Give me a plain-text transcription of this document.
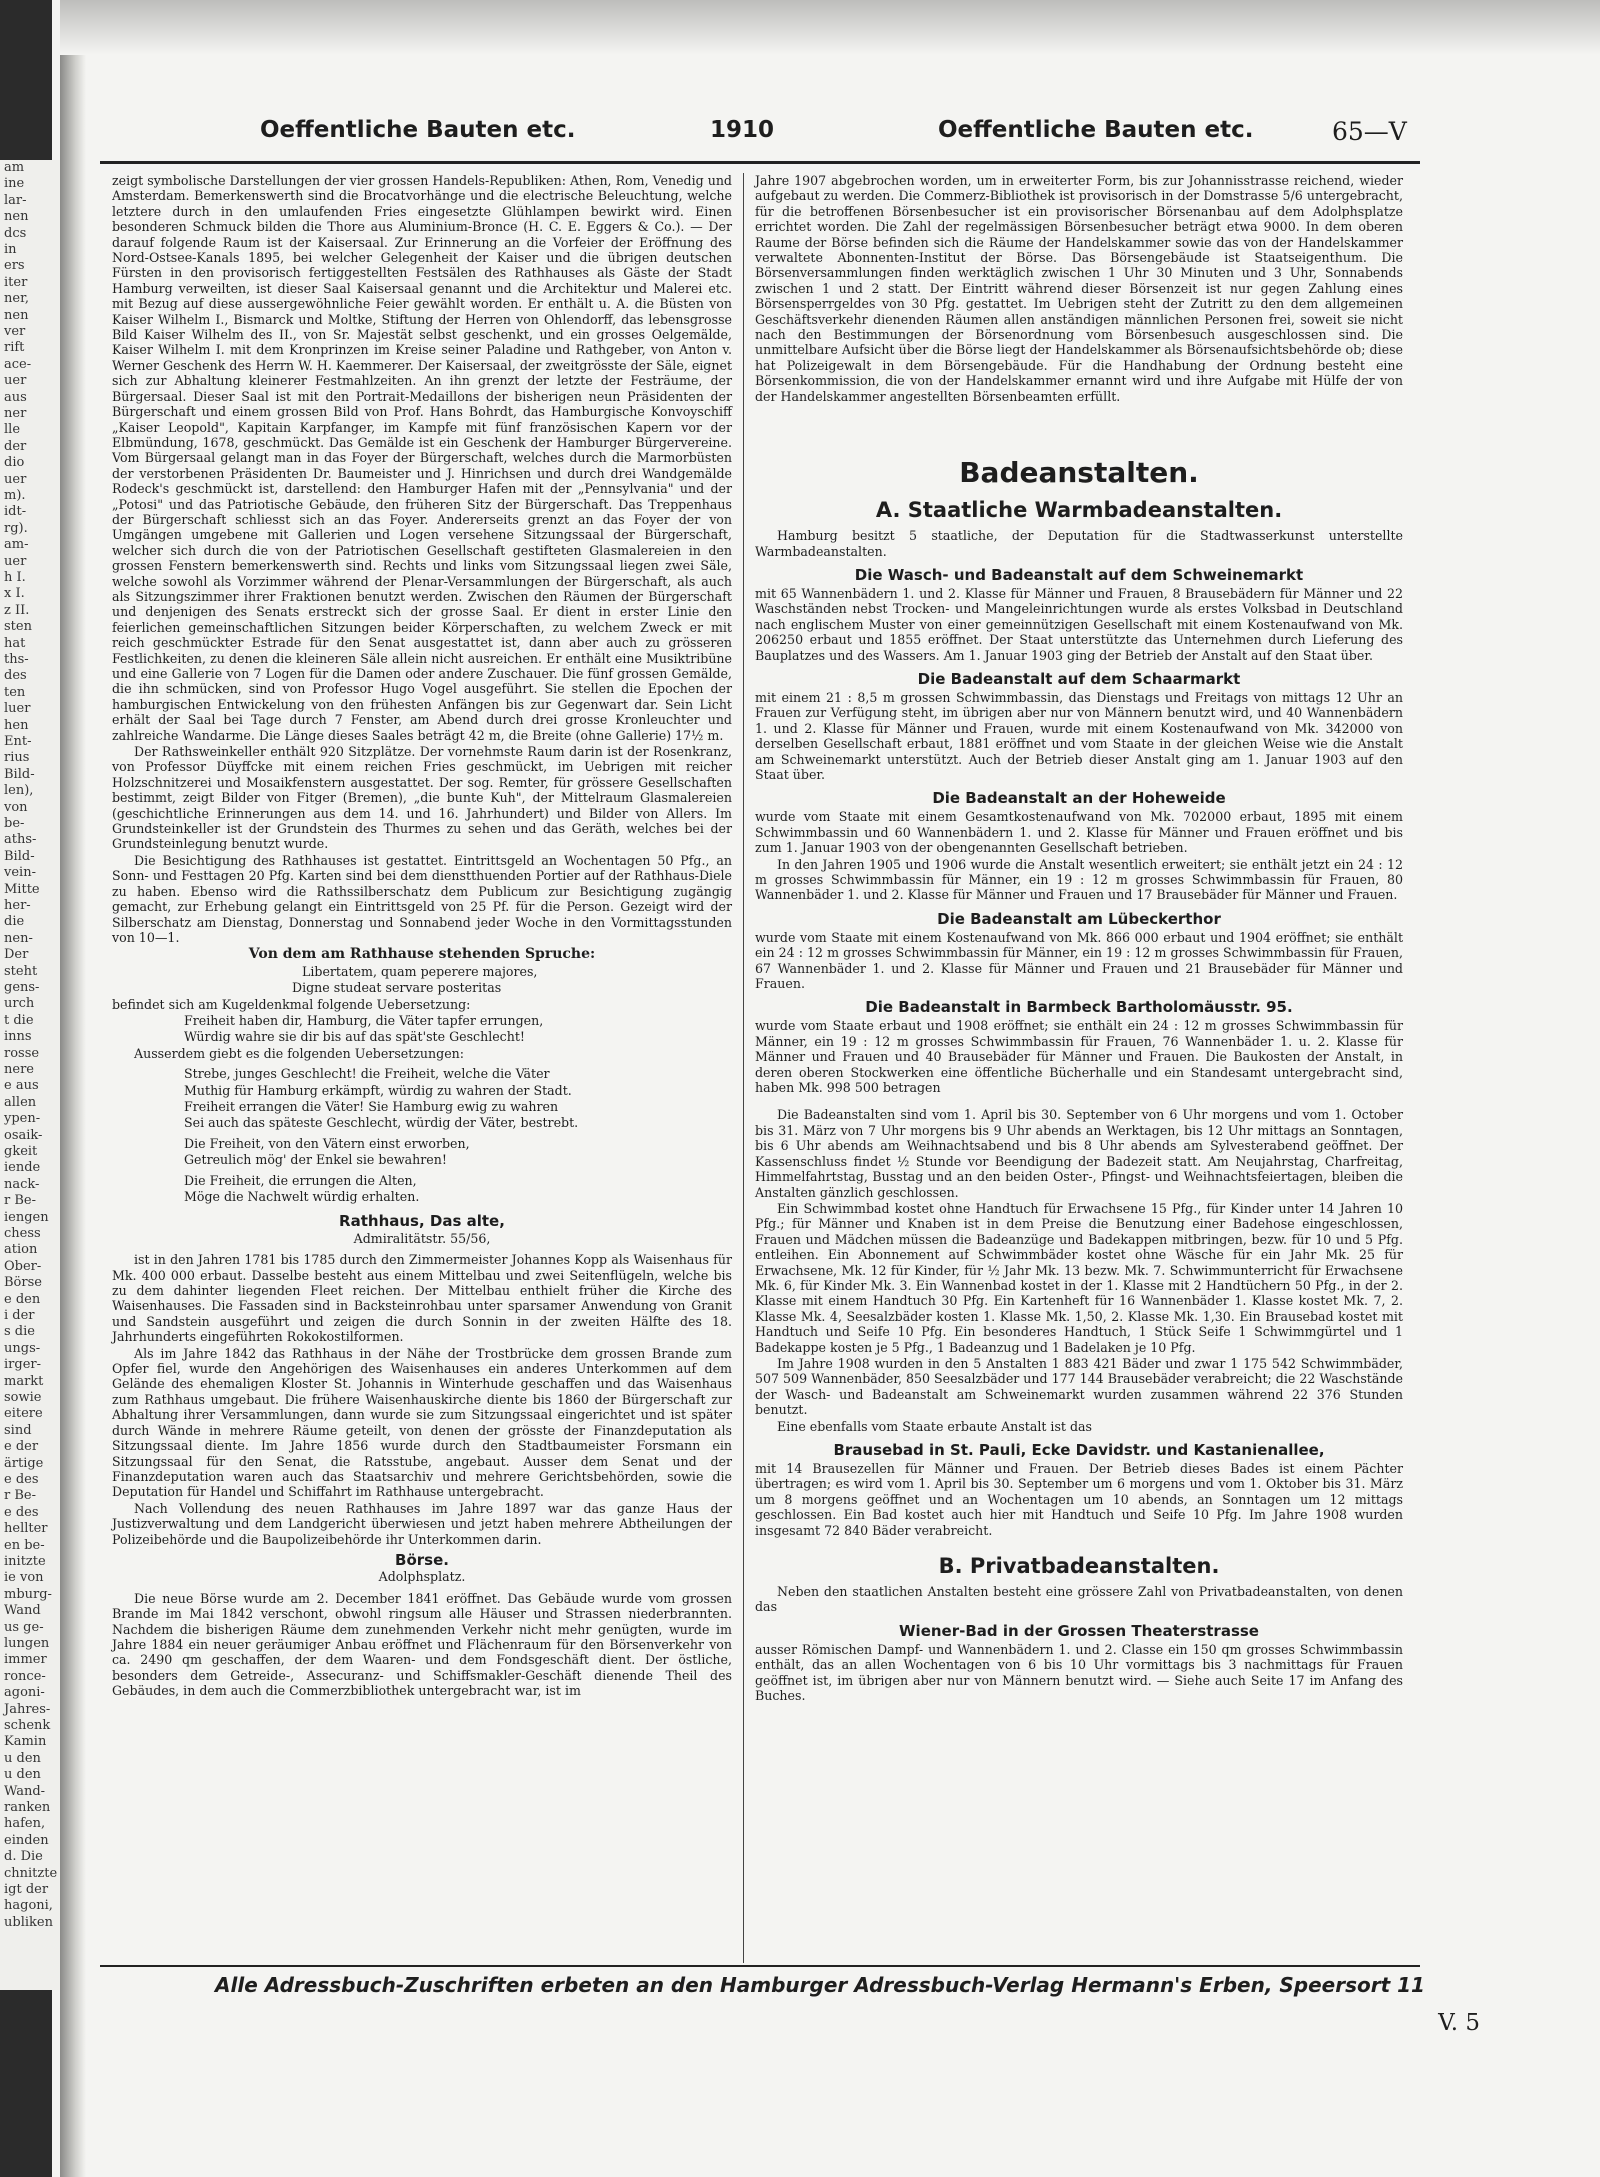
am
ine
lar-
nen
dcs
in
ers
iter
ner,
nen
ver
rift
ace-
uer
aus
ner
lle
der
dio
uer
m).
idt-
rg).
am-
uer
h I.
x I.
z II.
sten
hat
ths-
des
ten
luer
hen
Ent-
rius
Bild-
len),
von
be-
aths-
Bild-
vein-
Mitte
her-
die
nen-
Der
steht
gens-
urch
t die
inns
rosse
nere
e aus
allen
ypen-
osaik-
gkeit
iende
nack-
r Be-
iengen
chess
ation
Ober-
Börse
e den
i der
s die
ungs-
irger-
markt
sowie
eitere
sind
e der
ärtige
e des
r Be-
e des
hellter
en be-
initzte
ie von
mburg-
Wand
us ge-
lungen
immer
ronce-
agoni-
Jahres-
schenk
Kamin
u den
u den
Wand-
ranken
hafen,
einden
d. Die
chnitzte
igt der
hagoni,
ubliken
Oeffentliche Bauten etc.	1910	Oeffentliche Bauten etc.	65—V

zeigt symbolische Darstellungen der vier grossen Handels-Republiken: Athen, Rom, Venedig und Amsterdam. Bemerkenswerth sind die Brocatvorhänge und die electrische Beleuchtung, welche letztere durch in den umlaufenden Fries eingesetzte Glühlampen bewirkt wird. Einen besonderen Schmuck bilden die Thore aus Aluminium-Bronce (H. C. E. Eggers & Co.). — Der darauf folgende Raum ist der Kaisersaal. Zur Erinnerung an die Vorfeier der Eröffnung des Nord-Ostsee-Kanals 1895, bei welcher Gelegenheit der Kaiser und die übrigen deutschen Fürsten in den provisorisch fertiggestellten Festsälen des Rathhauses als Gäste der Stadt Hamburg verweilten, ist dieser Saal Kaisersaal genannt und die Architektur und Malerei etc. mit Bezug auf diese aussergewöhnliche Feier gewählt worden. Er enthält u. A. die Büsten von Kaiser Wilhelm I., Bismarck und Moltke, Stiftung der Herren von Ohlendorff, das lebensgrosse Bild Kaiser Wilhelm des II., von Sr. Majestät selbst geschenkt, und ein grosses Oelgemälde, Kaiser Wilhelm I. mit dem Kronprinzen im Kreise seiner Paladine und Rathgeber, von Anton v. Werner Geschenk des Herrn W. H. Kaemmerer. Der Kaisersaal, der zweitgrösste der Säle, eignet sich zur Abhaltung kleinerer Festmahlzeiten. An ihn grenzt der letzte der Festräume, der Bürgersaal. Dieser Saal ist mit den Portrait-Medaillons der bisherigen neun Präsidenten der Bürgerschaft und einem grossen Bild von Prof. Hans Bohrdt, das Hamburgische Konvoyschiff „Kaiser Leopold", Kapitain Karpfanger, im Kampfe mit fünf französischen Kapern vor der Elbmündung, 1678, geschmückt. Das Gemälde ist ein Geschenk der Hamburger Bürgervereine. Vom Bürgersaal gelangt man in das Foyer der Bürgerschaft, welches durch die Marmorbüsten der verstorbenen Präsidenten Dr. Baumeister und J. Hinrichsen und durch drei Wandgemälde Rodeck's geschmückt ist, darstellend: den Hamburger Hafen mit der „Pennsylvania" und der „Potosi" und das Patriotische Gebäude, den früheren Sitz der Bürgerschaft. Das Treppenhaus der Bürgerschaft schliesst sich an das Foyer. Andererseits grenzt an das Foyer der von Umgängen umgebene mit Gallerien und Logen versehene Sitzungssaal der Bürgerschaft, welcher sich durch die von der Patriotischen Gesellschaft gestifteten Glasmalereien in den grossen Fenstern bemerkenswerth sind. Rechts und links vom Sitzungssaal liegen zwei Säle, welche sowohl als Vorzimmer während der Plenar-Versammlungen der Bürgerschaft, als auch als Sitzungszimmer ihrer Fraktionen benutzt werden. Zwischen den Räumen der Bürgerschaft und denjenigen des Senats erstreckt sich der grosse Saal. Er dient in erster Linie den feierlichen gemeinschaftlichen Sitzungen beider Körperschaften, zu welchem Zweck er mit reich geschmückter Estrade für den Senat ausgestattet ist, dann aber auch zu grösseren Festlichkeiten, zu denen die kleineren Säle allein nicht ausreichen. Er enthält eine Musiktribüne und eine Gallerie von 7 Logen für die Damen oder andere Zuschauer. Die fünf grossen Gemälde, die ihn schmücken, sind von Professor Hugo Vogel ausgeführt. Sie stellen die Epochen der hamburgischen Entwickelung von den frühesten Anfängen bis zur Gegenwart dar. Sein Licht erhält der Saal bei Tage durch 7 Fenster, am Abend durch drei grosse Kronleuchter und zahlreiche Wandarme. Die Länge dieses Saales beträgt 42 m, die Breite (ohne Gallerie) 17½ m.

Der Rathsweinkeller enthält 920 Sitzplätze. Der vornehmste Raum darin ist der Rosenkranz, von Professor Düyffcke mit einem reichen Fries geschmückt, im Uebrigen mit reicher Holzschnitzerei und Mosaikfenstern ausgestattet. Der sog. Remter, für grössere Gesellschaften bestimmt, zeigt Bilder von Fitger (Bremen), „die bunte Kuh", der Mittelraum Glasmalereien (geschichtliche Erinnerungen aus dem 14. und 16. Jahrhundert) und Bilder von Allers. Im Grundsteinkeller ist der Grundstein des Thurmes zu sehen und das Geräth, welches bei der Grundsteinlegung benutzt wurde.

Die Besichtigung des Rathhauses ist gestattet. Eintrittsgeld an Wochentagen 50 Pfg., an Sonn- und Festtagen 20 Pfg. Karten sind bei dem dienstthuenden Portier auf der Rathhaus-Diele zu haben. Ebenso wird die Rathssilberschatz dem Publicum zur Besichtigung zugängig gemacht, zur Erhebung gelangt ein Eintrittsgeld von 25 Pf. für die Person. Gezeigt wird der Silberschatz am Dienstag, Donnerstag und Sonnabend jeder Woche in den Vormittagsstunden von 10—1.

Von dem am Rathhause stehenden Spruche:

Libertatem, quam peperere majores,

Digne studeat servare posteritas

befindet sich am Kugeldenkmal folgende Uebersetzung:

Freiheit haben dir, Hamburg, die Väter tapfer errungen,

Würdig wahre sie dir bis auf das spät'ste Geschlecht!

Ausserdem giebt es die folgenden Uebersetzungen:

Strebe, junges Geschlecht! die Freiheit, welche die Väter

Muthig für Hamburg erkämpft, würdig zu wahren der Stadt.

Freiheit errangen die Väter! Sie Hamburg ewig zu wahren

Sei auch das späteste Geschlecht, würdig der Väter, bestrebt.

Die Freiheit, von den Vätern einst erworben,

Getreulich mög' der Enkel sie bewahren!

Die Freiheit, die errungen die Alten,

Möge die Nachwelt würdig erhalten.

Rathhaus, Das alte,

Admiralitätstr. 55/56,

ist in den Jahren 1781 bis 1785 durch den Zimmermeister Johannes Kopp als Waisenhaus für Mk. 400 000 erbaut. Dasselbe besteht aus einem Mittelbau und zwei Seitenflügeln, welche bis zu dem dahinter liegenden Fleet reichen. Der Mittelbau enthielt früher die Kirche des Waisenhauses. Die Fassaden sind in Backsteinrohbau unter sparsamer Anwendung von Granit und Sandstein ausgeführt und zeigen die durch Sonnin in der zweiten Hälfte des 18. Jahrhunderts eingeführten Rokokostilformen.

Als im Jahre 1842 das Rathhaus in der Nähe der Trostbrücke dem grossen Brande zum Opfer fiel, wurde den Angehörigen des Waisenhauses ein anderes Unterkommen auf dem Gelände des ehemaligen Kloster St. Johannis in Winterhude geschaffen und das Waisenhaus zum Rathhaus umgebaut. Die frühere Waisenhauskirche diente bis 1860 der Bürgerschaft zur Abhaltung ihrer Versammlungen, dann wurde sie zum Sitzungssaal eingerichtet und ist später durch Wände in mehrere Räume geteilt, von denen der grösste der Finanzdeputation als Sitzungssaal diente. Im Jahre 1856 wurde durch den Stadtbaumeister Forsmann ein Sitzungssaal für den Senat, die Ratsstube, angebaut. Ausser dem Senat und der Finanzdeputation waren auch das Staatsarchiv und mehrere Gerichtsbehörden, sowie die Deputation für Handel und Schiffahrt im Rathhause untergebracht.

Nach Vollendung des neuen Rathhauses im Jahre 1897 war das ganze Haus der Justizverwaltung und dem Landgericht überwiesen und jetzt haben mehrere Abtheilungen der Polizeibehörde und die Baupolizeibehörde ihr Unterkommen darin.

Börse.

Adolphsplatz.

Die neue Börse wurde am 2. December 1841 eröffnet. Das Gebäude wurde vom grossen Brande im Mai 1842 verschont, obwohl ringsum alle Häuser und Strassen niederbrannten. Nachdem die bisherigen Räume dem zunehmenden Verkehr nicht mehr genügten, wurde im Jahre 1884 ein neuer geräumiger Anbau eröffnet und Flächenraum für den Börsenverkehr von ca. 2490 qm geschaffen, der dem Waaren- und dem Fondsgeschäft dient. Der östliche, besonders dem Getreide-, Assecuranz- und Schiffsmakler-Geschäft dienende Theil des Gebäudes, in dem auch die Commerzbibliothek untergebracht war, ist im

Jahre 1907 abgebrochen worden, um in erweiterter Form, bis zur Johannisstrasse reichend, wieder aufgebaut zu werden. Die Commerz-Bibliothek ist provisorisch in der Domstrasse 5/6 untergebracht, für die betroffenen Börsenbesucher ist ein provisorischer Börsenanbau auf dem Adolphsplatze errichtet worden. Die Zahl der regelmässigen Börsenbesucher beträgt etwa 9000. In dem oberen Raume der Börse befinden sich die Räume der Handelskammer sowie das von der Handelskammer verwaltete Abonnenten-Institut der Börse. Das Börsengebäude ist Staatseigenthum. Die Börsenversammlungen finden werktäglich zwischen 1 Uhr 30 Minuten und 3 Uhr, Sonnabends zwischen 1 und 2 statt. Der Eintritt während dieser Börsenzeit ist nur gegen Zahlung eines Börsensperrgeldes von 30 Pfg. gestattet. Im Uebrigen steht der Zutritt zu den dem allgemeinen Geschäftsverkehr dienenden Räumen allen anständigen männlichen Personen frei, soweit sie nicht nach den Bestimmungen der Börsenordnung vom Börsenbesuch ausgeschlossen sind. Die unmittelbare Aufsicht über die Börse liegt der Handelskammer als Börsenaufsichtsbehörde ob; diese hat Polizeigewalt in dem Börsengebäude. Für die Handhabung der Ordnung besteht eine Börsenkommission, die von der Handelskammer ernannt wird und ihre Aufgabe mit Hülfe der von der Handelskammer angestellten Börsenbeamten erfüllt.

Badeanstalten.

A. Staatliche Warmbadeanstalten.

Hamburg besitzt 5 staatliche, der Deputation für die Stadtwasserkunst unterstellte Warmbadeanstalten.

Die Wasch- und Badeanstalt auf dem Schweinemarkt

mit 65 Wannenbädern 1. und 2. Klasse für Männer und Frauen, 8 Brausebädern für Männer und 22 Waschständen nebst Trocken- und Mangeleinrichtungen wurde als erstes Volksbad in Deutschland nach englischem Muster von einer gemeinnützigen Gesellschaft mit einem Kostenaufwand von Mk. 206250 erbaut und 1855 eröffnet. Der Staat unterstützte das Unternehmen durch Lieferung des Bauplatzes und des Wassers. Am 1. Januar 1903 ging der Betrieb der Anstalt auf den Staat über.

Die Badeanstalt auf dem Schaarmarkt

mit einem 21 : 8,5 m grossen Schwimmbassin, das Dienstags und Freitags von mittags 12 Uhr an Frauen zur Verfügung steht, im übrigen aber nur von Männern benutzt wird, und 40 Wannenbädern 1. und 2. Klasse für Männer und Frauen, wurde mit einem Kostenaufwand von Mk. 342000 von derselben Gesellschaft erbaut, 1881 eröffnet und vom Staate in der gleichen Weise wie die Anstalt am Schweinemarkt unterstützt. Auch der Betrieb dieser Anstalt ging am 1. Januar 1903 auf den Staat über.

Die Badeanstalt an der Hoheweide

wurde vom Staate mit einem Gesamtkostenaufwand von Mk. 702000 erbaut, 1895 mit einem Schwimmbassin und 60 Wannenbädern 1. und 2. Klasse für Männer und Frauen eröffnet und bis zum 1. Januar 1903 von der obengenannten Gesellschaft betrieben.

In den Jahren 1905 und 1906 wurde die Anstalt wesentlich erweitert; sie enthält jetzt ein 24 : 12 m grosses Schwimmbassin für Männer, ein 19 : 12 m grosses Schwimmbassin für Frauen, 80 Wannenbäder 1. und 2. Klasse für Männer und Frauen und 17 Brausebäder für Männer und Frauen.

Die Badeanstalt am Lübeckerthor

wurde vom Staate mit einem Kostenaufwand von Mk. 866 000 erbaut und 1904 eröffnet; sie enthält ein 24 : 12 m grosses Schwimmbassin für Männer, ein 19 : 12 m grosses Schwimmbassin für Frauen, 67 Wannenbäder 1. und 2. Klasse für Männer und Frauen und 21 Brausebäder für Männer und Frauen.

Die Badeanstalt in Barmbeck Bartholomäusstr. 95.

wurde vom Staate erbaut und 1908 eröffnet; sie enthält ein 24 : 12 m grosses Schwimmbassin für Männer, ein 19 : 12 m grosses Schwimmbassin für Frauen, 76 Wannenbäder 1. u. 2. Klasse für Männer und Frauen und 40 Brausebäder für Männer und Frauen. Die Baukosten der Anstalt, in deren oberen Stockwerken eine öffentliche Bücherhalle und ein Standesamt untergebracht sind, haben Mk. 998 500 betragen

Die Badeanstalten sind vom 1. April bis 30. September von 6 Uhr morgens und vom 1. October bis 31. März von 7 Uhr morgens bis 9 Uhr abends an Werktagen, bis 12 Uhr mittags an Sonntagen, bis 6 Uhr abends am Weihnachtsabend und bis 8 Uhr abends am Sylvesterabend geöffnet. Der Kassenschluss findet ½ Stunde vor Beendigung der Badezeit statt. Am Neujahrstag, Charfreitag, Himmelfahrtstag, Busstag und an den beiden Oster-, Pfingst- und Weihnachtsfeiertagen, bleiben die Anstalten gänzlich geschlossen.

Ein Schwimmbad kostet ohne Handtuch für Erwachsene 15 Pfg., für Kinder unter 14 Jahren 10 Pfg.; für Männer und Knaben ist in dem Preise die Benutzung einer Badehose eingeschlossen, Frauen und Mädchen müssen die Badeanzüge und Badekappen mitbringen, bezw. für 10 und 5 Pfg. entleihen. Ein Abonnement auf Schwimmbäder kostet ohne Wäsche für ein Jahr Mk. 25 für Erwachsene, Mk. 12 für Kinder, für ½ Jahr Mk. 13 bezw. Mk. 7. Schwimmunterricht für Erwachsene Mk. 6, für Kinder Mk. 3. Ein Wannenbad kostet in der 1. Klasse mit 2 Handtüchern 50 Pfg., in der 2. Klasse mit einem Handtuch 30 Pfg. Ein Kartenheft für 16 Wannenbäder 1. Klasse kostet Mk. 7, 2. Klasse Mk. 4, Seesalzbäder kosten 1. Klasse Mk. 1,50, 2. Klasse Mk. 1,30. Ein Brausebad kostet mit Handtuch und Seife 10 Pfg. Ein besonderes Handtuch, 1 Stück Seife 1 Schwimmgürtel und 1 Badekappe kosten je 5 Pfg., 1 Badeanzug und 1 Badelaken je 10 Pfg.

Im Jahre 1908 wurden in den 5 Anstalten 1 883 421 Bäder und zwar 1 175 542 Schwimmbäder, 507 509 Wannenbäder, 850 Seesalzbäder und 177 144 Brausebäder verabreicht; die 22 Waschstände der Wasch- und Badeanstalt am Schweinemarkt wurden zusammen während 22 376 Stunden benutzt.

Eine ebenfalls vom Staate erbaute Anstalt ist das

Brausebad in St. Pauli, Ecke Davidstr. und Kastanienallee,

mit 14 Brausezellen für Männer und Frauen. Der Betrieb dieses Bades ist einem Pächter übertragen; es wird vom 1. April bis 30. September um 6 morgens und vom 1. Oktober bis 31. März um 8 morgens geöffnet und an Wochentagen um 10 abends, an Sonntagen um 12 mittags geschlossen. Ein Bad kostet auch hier mit Handtuch und Seife 10 Pfg. Im Jahre 1908 wurden insgesamt 72 840 Bäder verabreicht.

B. Privatbadeanstalten.

Neben den staatlichen Anstalten besteht eine grössere Zahl von Privatbadeanstalten, von denen das

Wiener-Bad in der Grossen Theaterstrasse

ausser Römischen Dampf- und Wannenbädern 1. und 2. Classe ein 150 qm grosses Schwimmbassin enthält, das an allen Wochentagen von 6 bis 10 Uhr vormittags bis 3 nachmittags für Frauen geöffnet ist, im übrigen aber nur von Männern benutzt wird. — Siehe auch Seite 17 im Anfang des Buches.

Alle Adressbuch-Zuschriften erbeten an den Hamburger Adressbuch-Verlag Hermann's Erben, Speersort 11
V. 5
